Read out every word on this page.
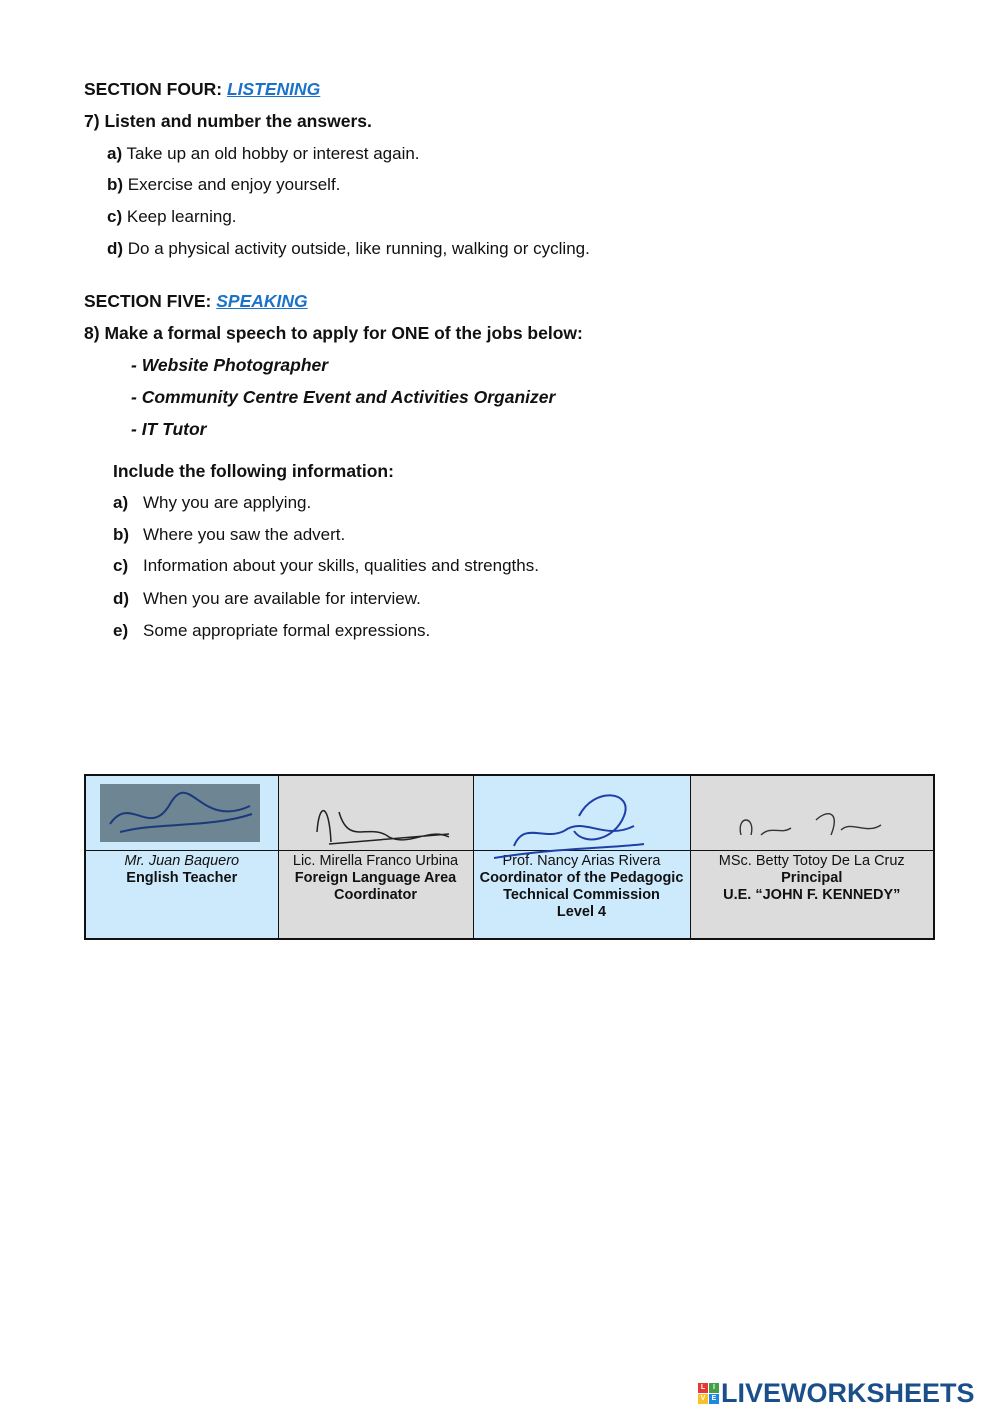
SECTION FOUR: LISTENING
7) Listen and number the answers.
a) Take up an old hobby or interest again.
b) Exercise and enjoy yourself.
c) Keep learning.
d) Do a physical activity outside, like running, walking or cycling.
SECTION FIVE: SPEAKING
8) Make a formal speech to apply for ONE of the jobs below:
- Website Photographer
- Community Centre Event and Activities Organizer
- IT Tutor
Include the following information:
a) Why you are applying.
b) Where you saw the advert.
c) Information about your skills, qualities and strengths.
d) When you are available for interview.
e) Some appropriate formal expressions.
Mr. Juan Baquero
English Teacher

Lic. Mirella Franco Urbina
Foreign Language Area Coordinator

Prof. Nancy Arias Rivera
Coordinator of the Pedagogic Technical Commission
Level 4

MSc. Betty Totoy De La Cruz
Principal
U.E. “JOHN F. KENNEDY”
L	I
V E LIVEWORKSHEETS
